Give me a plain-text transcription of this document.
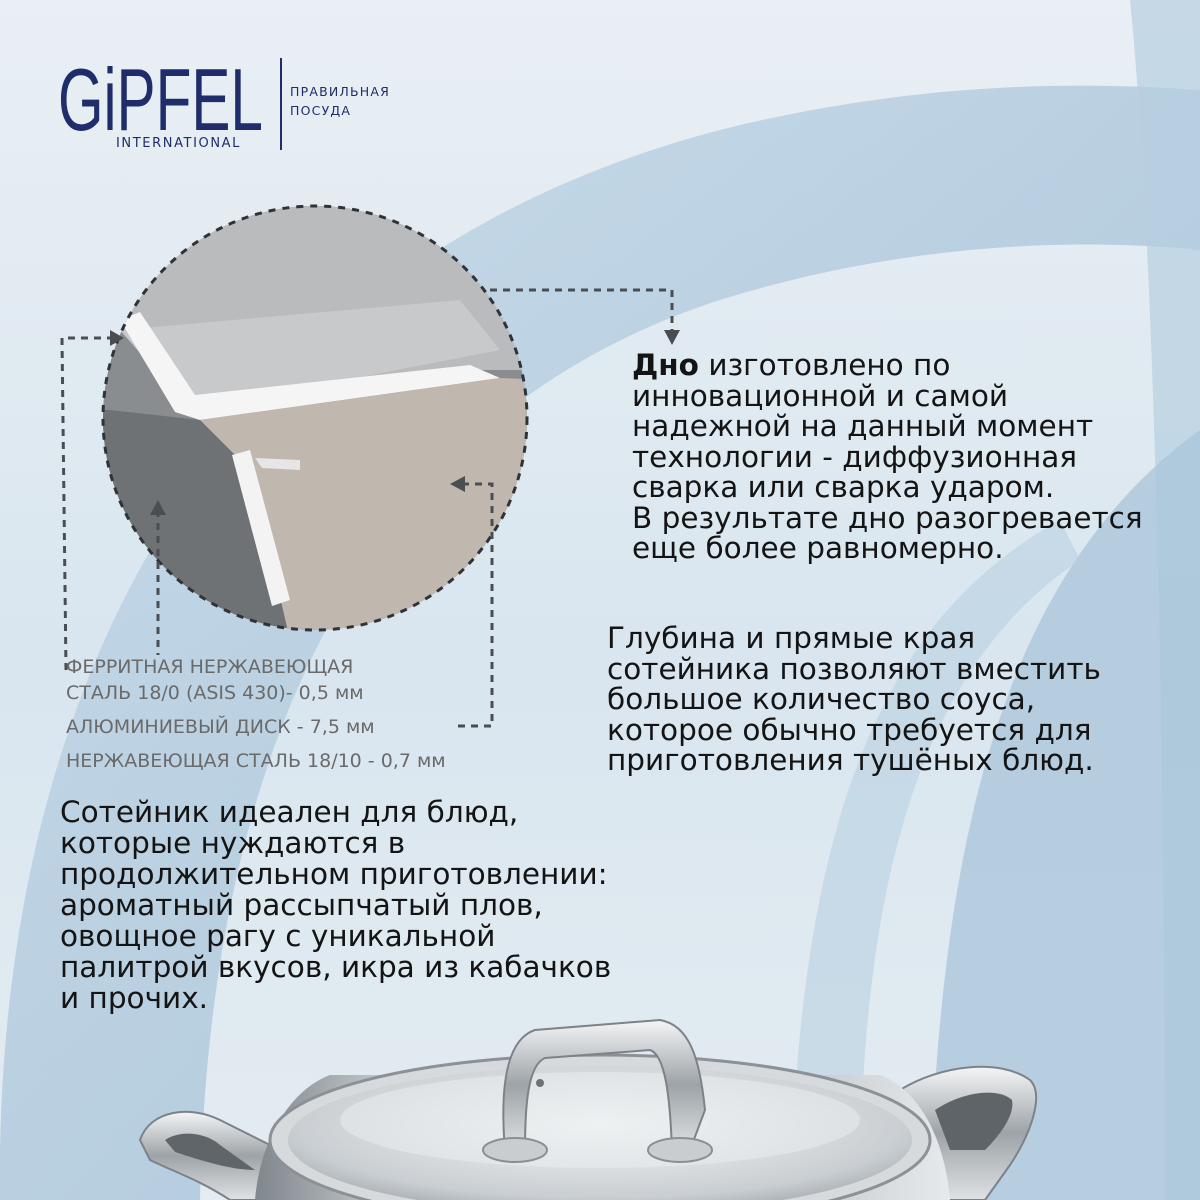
GiPFEL
INTERNATIONAL
ПРАВИЛЬНАЯ
ПОСУДА
Дно изготовлено по
инновационной и самой
надежной на данный момент
технологии - диффузионная
сварка или сваркa ударом.
В результате дно разогревается
еще более равномерно.
Глубина и прямые края
сотейника позволяют вместить
большое количество соуса,
которое обычно требуется для
приготовления тушёных блюд.
ФЕРРИТНАЯ НЕРЖАВЕЮЩАЯ
СТАЛЬ 18/0 (ASIS 430)- 0,5 мм
АЛЮМИНИЕВЫЙ ДИСК - 7,5 мм
НЕРЖАВЕЮЩАЯ СТАЛЬ 18/10 - 0,7 мм
Сотейник идеален для блюд,
которые нуждаются в
продолжительном приготовлении:
ароматный рассыпчатый плов,
овощное рагу с уникальной
палитрой вкусов, икра из кабачков
и прочих.
